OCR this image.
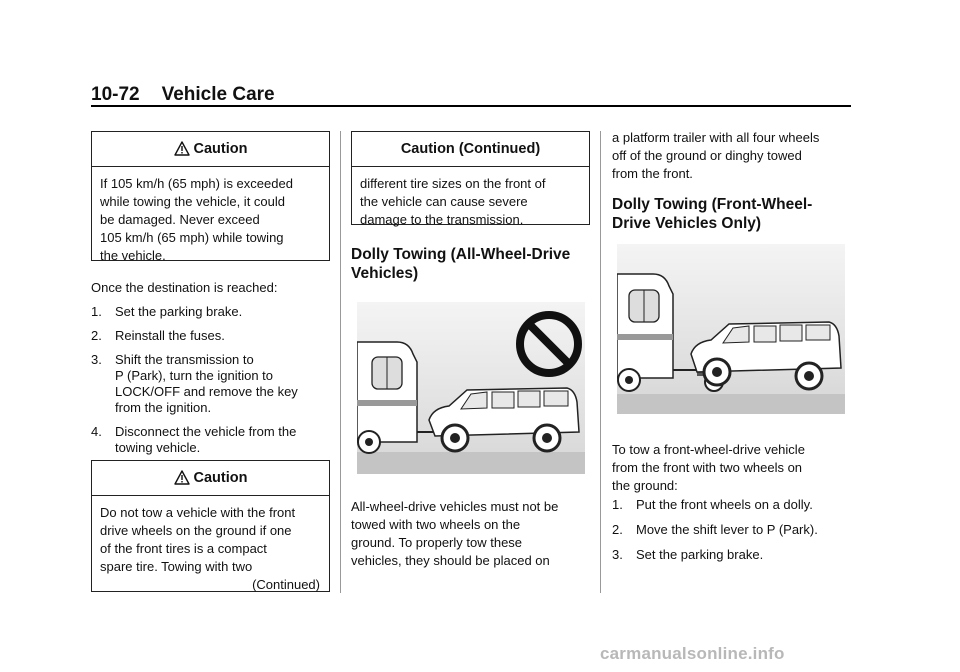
10-72 Vehicle Care
Caution
If 105 km/h (65 mph) is exceeded
while towing the vehicle, it could
be damaged. Never exceed
105 km/h (65 mph) while towing
the vehicle.
Once the destination is reached:
1.	Set the parking brake.
2.	Reinstall the fuses.
3.	Shift the transmission to
P (Park), turn the ignition to
LOCK/OFF and remove the key
from the ignition.
4.	Disconnect the vehicle from the
towing vehicle.
Caution
Do not tow a vehicle with the front
drive wheels on the ground if one
of the front tires is a compact
spare tire. Towing with two
(Continued)
Caution (Continued)
different tire sizes on the front of
the vehicle can cause severe
damage to the transmission.
Dolly Towing (All-Wheel-Drive
Vehicles)
All-wheel-drive vehicles must not be
towed with two wheels on the
ground. To properly tow these
vehicles, they should be placed on
a platform trailer with all four wheels
off of the ground or dinghy towed
from the front.
Dolly Towing (Front-Wheel-
Drive Vehicles Only)
To tow a front-wheel-drive vehicle
from the front with two wheels on
the ground:
1.	Put the front wheels on a dolly.
2.	Move the shift lever to P (Park).
3.	Set the parking brake.
carmanualsonline.info
